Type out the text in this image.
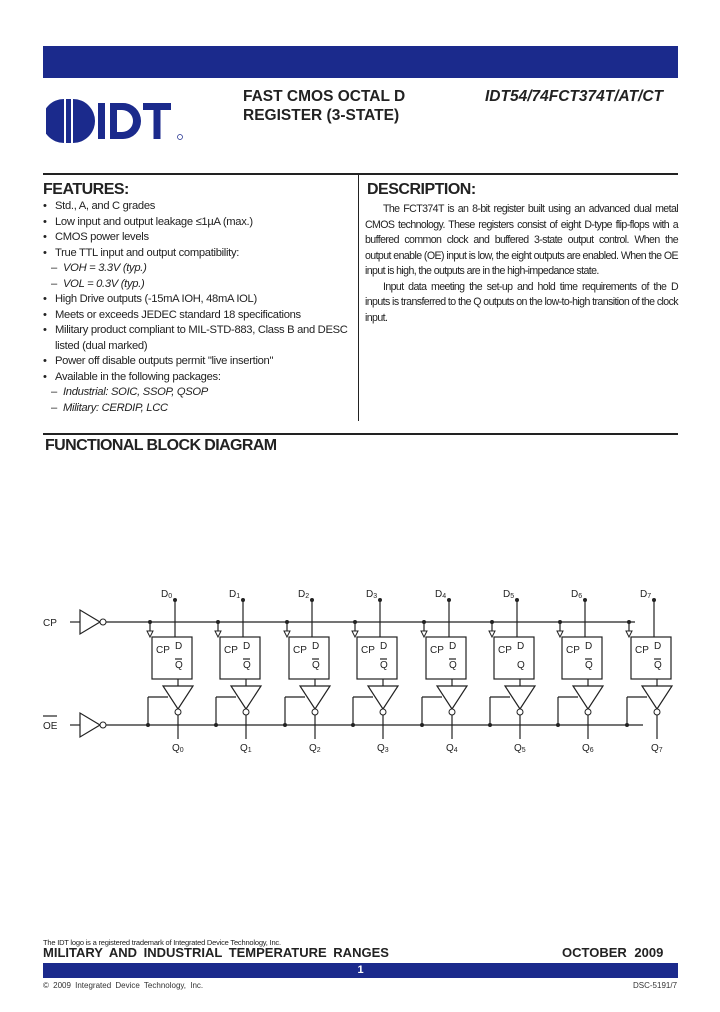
FAST CMOS OCTAL D
REGISTER (3-STATE)
IDT54/74FCT374T/AT/CT
FEATURES:
• Std., A, and C grades
• Low input and output leakage ≤1µA (max.)
• CMOS power levels
• True TTL input and output compatibility:
– VOH = 3.3V (typ.)
– VOL = 0.3V (typ.)
• High Drive outputs (-15mA IOH, 48mA IOL)
• Meets or exceeds JEDEC standard 18 specifications
• Military product compliant to MIL-STD-883, Class B and DESC
listed (dual marked)
• Power off disable outputs permit "live insertion"
• Available in the following packages:
– Industrial: SOIC, SSOP, QSOP
– Military: CERDIP, LCC
DESCRIPTION:

The FCT374T is an 8-bit register built using an advanced dual metal CMOS technology. These registers consist of eight D-type flip-flops with a buffered common clock and buffered 3-state output control. When the output enable (OE) input is low, the eight outputs are enabled. When the OE input is high, the outputs are in the high-impedance state.

Input data meeting the set-up and hold time requirements of the D inputs is transferred to the Q outputs on the low-to-high transition of the clock input.

FUNCTIONAL BLOCK DIAGRAM
CP
OE
D0
CP D
Q
Q0
D1
CP D
Q
Q1
D2
CP D
Q
Q2
D3
CP D
Q
Q3
D4
CP D
Q
Q4
D5
CP D
Q
Q5
D6
CP D
Q
Q6
D7
CP D
Q
Q7
The IDT logo is a registered trademark of Integrated Device Technology, Inc.
MILITARY AND INDUSTRIAL TEMPERATURE RANGES	OCTOBER 2009
1
© 2009 Integrated Device Technology, Inc.	DSC-5191/7
